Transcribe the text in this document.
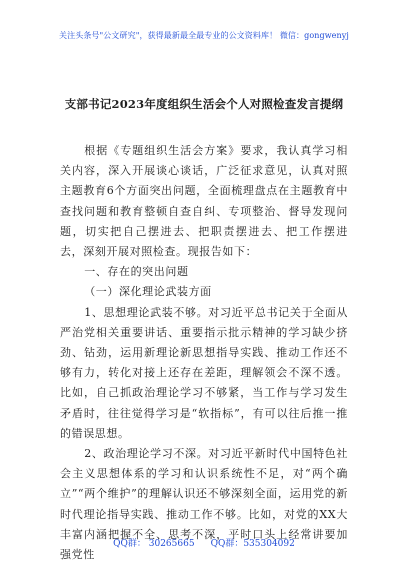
关注头条号"公文研究"，获得最新最全最专业的公文资料库！ 微信：gongwenyj
支部书记2023年度组织生活会个人对照检查发言提纲

根据《专题组织生活会方案》要求，我认真学习相关内容，深入开展谈心谈话，广泛征求意见，认真对照主题教育6个方面突出问题，全面梳理盘点在主题教育中查找问题和教育整顿自查自纠、专项整治、督导发现问题，切实把自己摆进去、把职责摆进去、把工作摆进去，深刻开展对照检查。现报告如下：

一、存在的突出问题

（一）深化理论武装方面

1、思想理论武装不够。对习近平总书记关于全面从严治党相关重要讲话、重要指示批示精神的学习缺少挤劲、钻劲，运用新理论新思想指导实践、推动工作还不够有力，转化对接上还存在差距，理解领会不深不透。比如，自己抓政治理论学习不够紧，当工作与学习发生矛盾时，往往觉得学习是“软指标”，有可以往后推一推的错误思想。

2、政治理论学习不深。对习近平新时代中国特色社会主义思想体系的学习和认识系统性不足，对“两个确立”“两个维护”的理解认识还不够深刻全面，运用党的新时代理论指导实践、推动工作不够。比如，对党的XX大丰富内涵把握不全、思考不深，平时口头上经常讲要加强党性

QQ群： 30265665 QQ群：535304092
